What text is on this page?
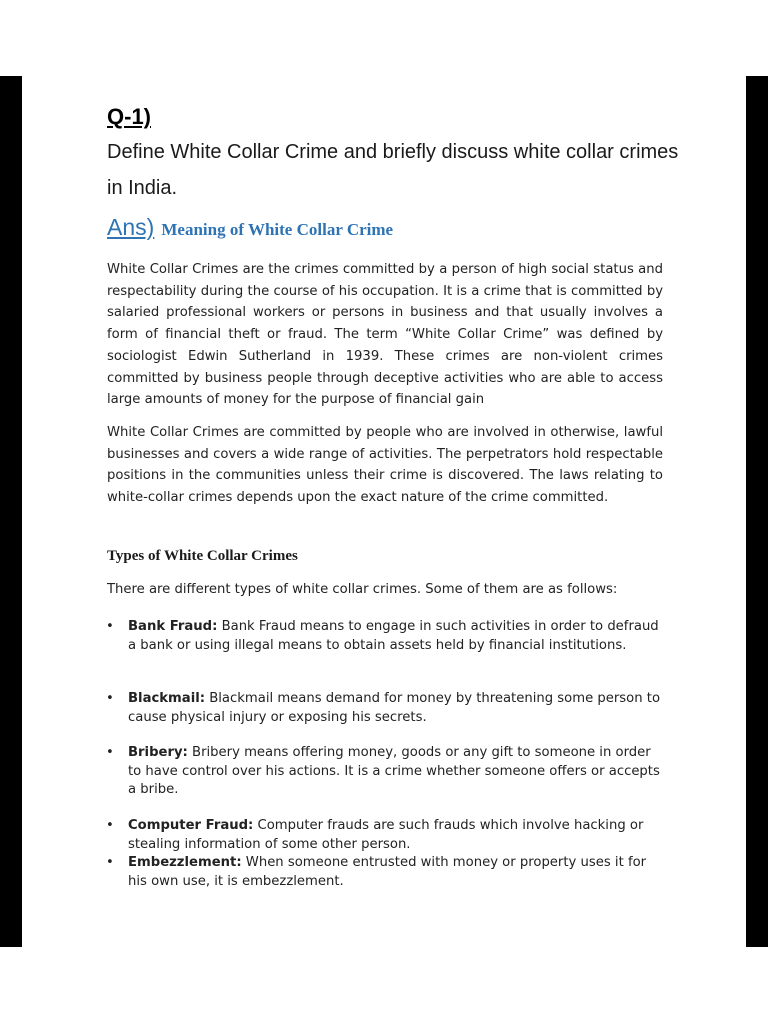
Q-1)
Define White Collar Crime and briefly discuss white collar crimes in India.
Ans) Meaning of White Collar Crime

White Collar Crimes are the crimes committed by a person of high social status and respectability during the course of his occupation. It is a crime that is committed by salaried professional workers or persons in business and that usually involves a form of financial theft or fraud. The term “White Collar Crime” was defined by sociologist Edwin Sutherland in 1939. These crimes are non-violent crimes committed by business people through deceptive activities who are able to access large amounts of money for the purpose of financial gain

White Collar Crimes are committed by people who are involved in otherwise, lawful businesses and covers a wide range of activities. The perpetrators hold respectable positions in the communities unless their crime is discovered. The laws relating to white-collar crimes depends upon the exact nature of the crime committed.

Types of White Collar Crimes
There are different types of white collar crimes. Some of them are as follows:
• Bank Fraud: Bank Fraud means to engage in such activities in order to defraud a bank or using illegal means to obtain assets held by financial institutions.
• Blackmail: Blackmail means demand for money by threatening some person to cause physical injury or exposing his secrets.
• Bribery: Bribery means offering money, goods or any gift to someone in order to have control over his actions. It is a crime whether someone offers or accepts a bribe.
• Computer Fraud: Computer frauds are such frauds which involve hacking or stealing information of some other person.
• Embezzlement: When someone entrusted with money or property uses it for his own use, it is embezzlement.
